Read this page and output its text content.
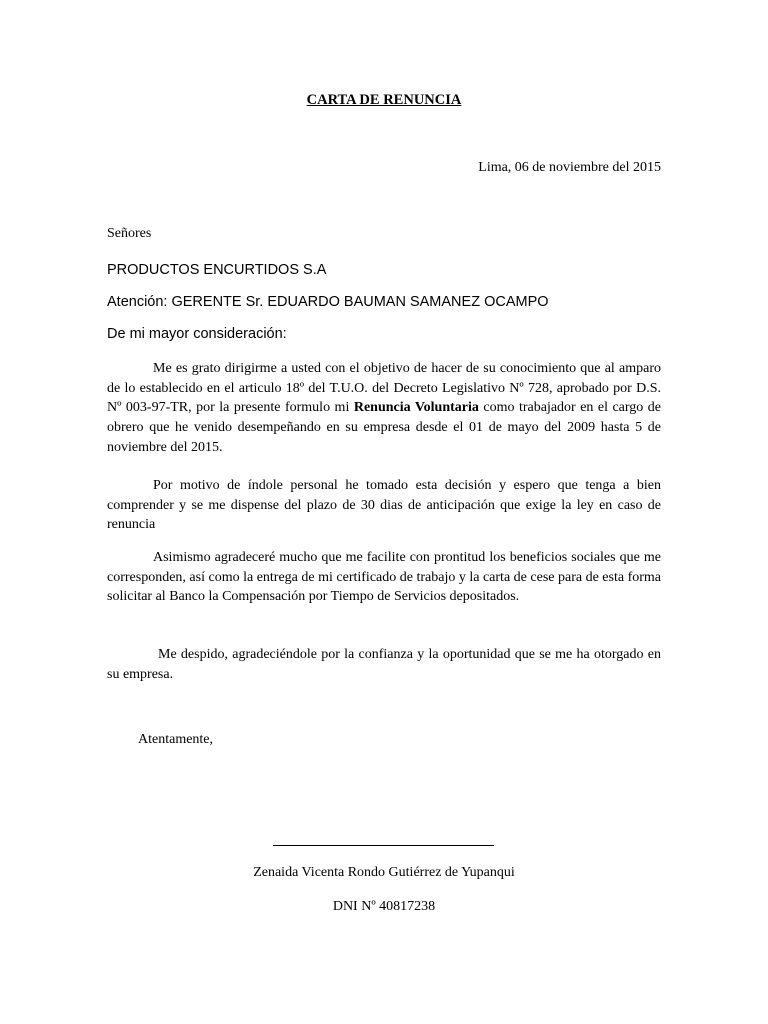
CARTA DE RENUNCIA
Lima, 06 de noviembre del 2015
Señores
PRODUCTOS ENCURTIDOS S.A
Atención: GERENTE Sr. EDUARDO BAUMAN SAMANEZ OCAMPO
De mi mayor consideración:

Me es grato dirigirme a usted con el objetivo de hacer de su conocimiento que al amparo de lo establecido en el articulo 18º del T.U.O. del Decreto Legislativo Nº 728, aprobado por D.S. Nº 003-97-TR, por la presente formulo mi Renuncia Voluntaria como trabajador en el cargo de obrero que he venido desempeñando en su empresa desde el 01 de mayo del 2009 hasta 5 de noviembre del 2015.

Por motivo de índole personal he tomado esta decisión y espero que tenga a bien comprender y se me dispense del plazo de 30 dias de anticipación que exige la ley en caso de renuncia

Asimismo agradeceré mucho que me facilite con prontitud los beneficios sociales que me corresponden, así como la entrega de mi certificado de trabajo y la carta de cese para de esta forma solicitar al Banco la Compensación por Tiempo de Servicios depositados.

Me despido, agradeciéndole por la confianza y la oportunidad que se me ha otorgado en su empresa.

Atentamente,
Zenaida Vicenta Rondo Gutiérrez de Yupanqui
DNI Nº 40817238
